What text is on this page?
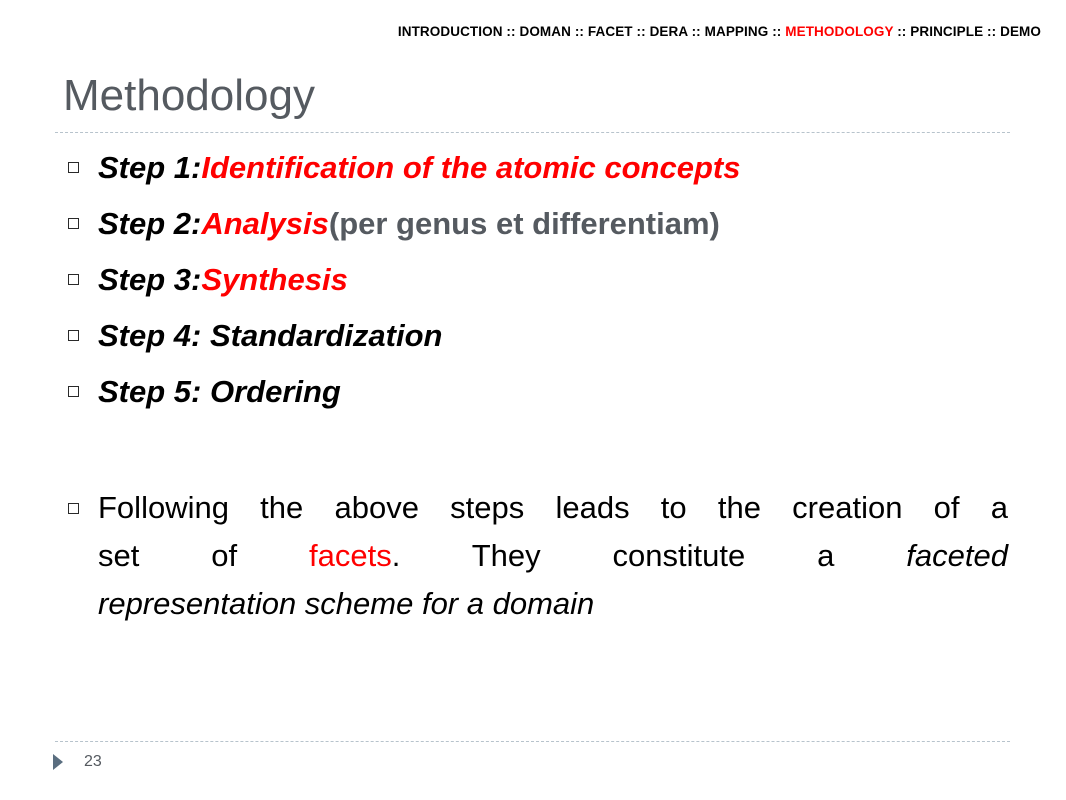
INTRODUCTION :: DOMAN :: FACET :: DERA :: MAPPING :: METHODOLOGY :: PRINCIPLE :: DEMO
Methodology
Step 1: Identification of the atomic concepts
Step 2: Analysis (per genus et differentiam)
Step 3: Synthesis
Step 4: Standardization
Step 5: Ordering
Following the above steps leads to the creation of a
set of facets. They constitute a faceted
representation scheme for a domain
23
